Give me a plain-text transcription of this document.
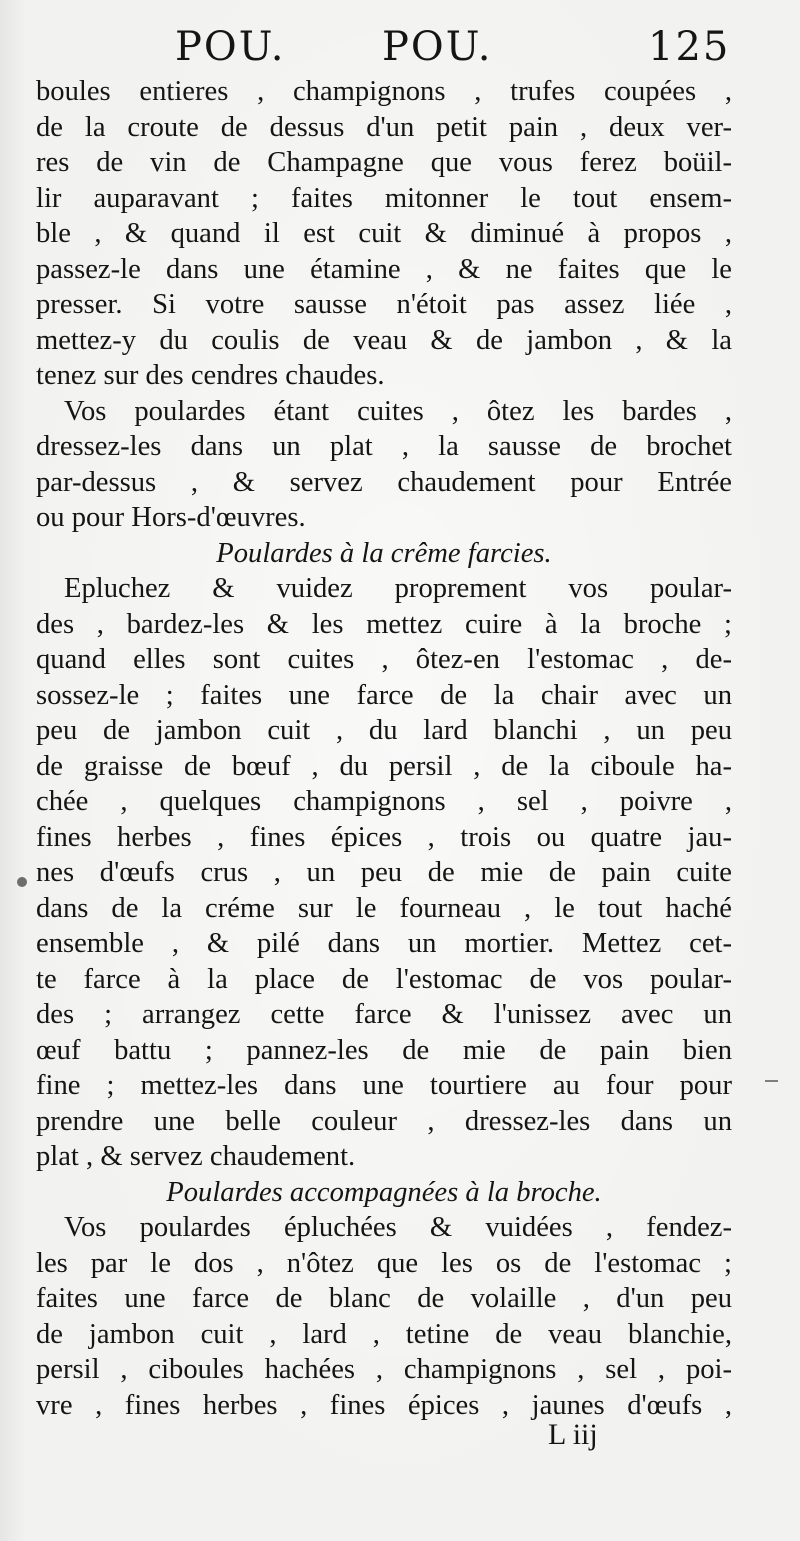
POU. POU.	125
boules entieres , champignons , trufes coupées ,
de la croute de dessus d'un petit pain , deux ver-
res de vin de Champagne que vous ferez boüil-
lir auparavant ; faites mitonner le tout ensem-
ble , & quand il est cuit & diminué à propos ,
passez-le dans une étamine , & ne faites que le
presser. Si votre sausse n'étoit pas assez liée ,
mettez-y du coulis de veau & de jambon , & la
tenez sur des cendres chaudes.
Vos poulardes étant cuites , ôtez les bardes ,
dressez-les dans un plat , la sausse de brochet
par-dessus , & servez chaudement pour Entrée
ou pour Hors-d'œuvres.
Poulardes à la crême farcies.
Epluchez & vuidez proprement vos poular-
des , bardez-les & les mettez cuire à la broche ;
quand elles sont cuites , ôtez-en l'estomac , de-
sossez-le ; faites une farce de la chair avec un
peu de jambon cuit , du lard blanchi , un peu
de graisse de bœuf , du persil , de la ciboule ha-
chée , quelques champignons , sel , poivre ,
fines herbes , fines épices , trois ou quatre jau-
nes d'œufs crus , un peu de mie de pain cuite
dans de la créme sur le fourneau , le tout haché
ensemble , & pilé dans un mortier. Mettez cet-
te farce à la place de l'estomac de vos poular-
des ; arrangez cette farce & l'unissez avec un
œuf battu ; pannez-les de mie de pain bien
fine ; mettez-les dans une tourtiere au four pour
prendre une belle couleur , dressez-les dans un
plat , & servez chaudement.
Poulardes accompagnées à la broche.
Vos poulardes épluchées & vuidées , fendez-
les par le dos , n'ôtez que les os de l'estomac ;
faites une farce de blanc de volaille , d'un peu
de jambon cuit , lard , tetine de veau blanchie,
persil , ciboules hachées , champignons , sel , poi-
vre , fines herbes , fines épices , jaunes d'œufs ,
L iij
